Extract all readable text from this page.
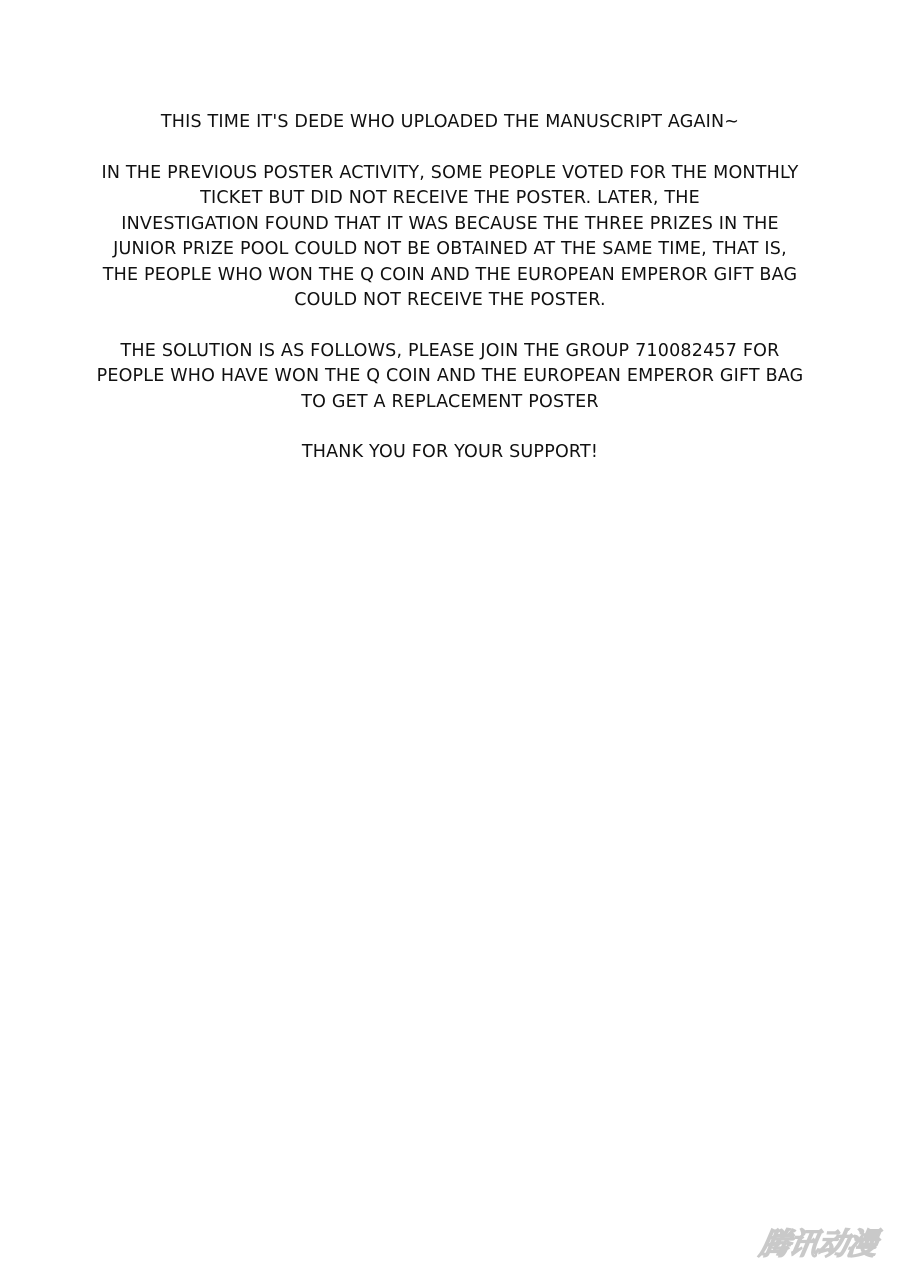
THIS TIME IT'S DEDE WHO UPLOADED THE MANUSCRIPT AGAIN~

IN THE PREVIOUS POSTER ACTIVITY, SOME PEOPLE VOTED FOR THE MONTHLY
TICKET BUT DID NOT RECEIVE THE POSTER. LATER, THE
INVESTIGATION FOUND THAT IT WAS BECAUSE THE THREE PRIZES IN THE
JUNIOR PRIZE POOL COULD NOT BE OBTAINED AT THE SAME TIME, THAT IS,
THE PEOPLE WHO WON THE Q COIN AND THE EUROPEAN EMPEROR GIFT BAG
COULD NOT RECEIVE THE POSTER.

THE SOLUTION IS AS FOLLOWS, PLEASE JOIN THE GROUP 710082457 FOR
PEOPLE WHO HAVE WON THE Q COIN AND THE EUROPEAN EMPEROR GIFT BAG
TO GET A REPLACEMENT POSTER

THANK YOU FOR YOUR SUPPORT!

腾讯动漫
